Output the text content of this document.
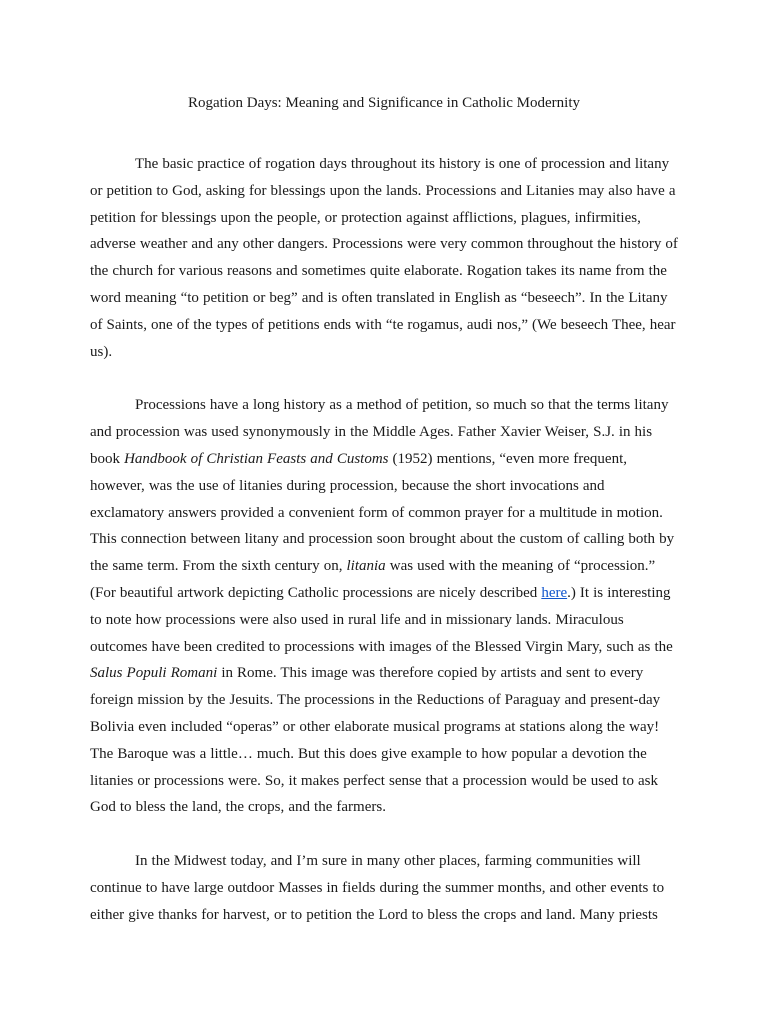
Rogation Days: Meaning and Significance in Catholic Modernity

The basic practice of rogation days throughout its history is one of procession and litany or petition to God, asking for blessings upon the lands. Processions and Litanies may also have a petition for blessings upon the people, or protection against afflictions, plagues, infirmities, adverse weather and any other dangers. Processions were very common throughout the history of the church for various reasons and sometimes quite elaborate. Rogation takes its name from the word meaning “to petition or beg” and is often translated in English as “beseech”. In the Litany of Saints, one of the types of petitions ends with “te rogamus, audi nos,” (We beseech Thee, hear us).

Processions have a long history as a method of petition, so much so that the terms litany and procession was used synonymously in the Middle Ages. Father Xavier Weiser, S.J. in his book Handbook of Christian Feasts and Customs (1952) mentions, “even more frequent, however, was the use of litanies during procession, because the short invocations and exclamatory answers provided a convenient form of common prayer for a multitude in motion. This connection between litany and procession soon brought about the custom of calling both by the same term. From the sixth century on, litania was used with the meaning of “procession.” (For beautiful artwork depicting Catholic processions are nicely described here.) It is interesting to note how processions were also used in rural life and in missionary lands. Miraculous outcomes have been credited to processions with images of the Blessed Virgin Mary, such as the Salus Populi Romani in Rome. This image was therefore copied by artists and sent to every foreign mission by the Jesuits. The processions in the Reductions of Paraguay and present-day Bolivia even included “operas” or other elaborate musical programs at stations along the way! The Baroque was a little… much. But this does give example to how popular a devotion the litanies or processions were. So, it makes perfect sense that a procession would be used to ask God to bless the land, the crops, and the farmers.

In the Midwest today, and I’m sure in many other places, farming communities will continue to have large outdoor Masses in fields during the summer months, and other events to either give thanks for harvest, or to petition the Lord to bless the crops and land. Many priests
